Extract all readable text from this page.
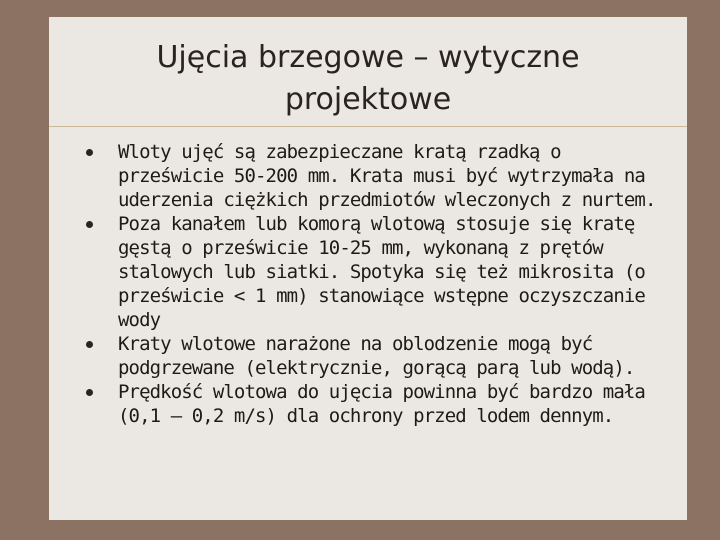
Ujęcia brzegowe – wytyczne
projektowe
Wloty ujęć są zabezpieczane kratą rzadką o prześwicie 50-200 mm. Krata musi być wytrzymała na uderzenia ciężkich przedmiotów wleczonych z nurtem.
Poza kanałem lub komorą wlotową stosuje się kratę gęstą o prześwicie 10-25 mm, wykonaną z prętów stalowych lub siatki. Spotyka się też mikrosita (o prześwicie < 1 mm) stanowiące wstępne oczyszczanie wody
Kraty wlotowe narażone na oblodzenie mogą być podgrzewane (elektrycznie, gorącą parą lub wodą).
Prędkość wlotowa do ujęcia powinna być bardzo mała (0,1 – 0,2 m/s) dla ochrony przed lodem dennym.
